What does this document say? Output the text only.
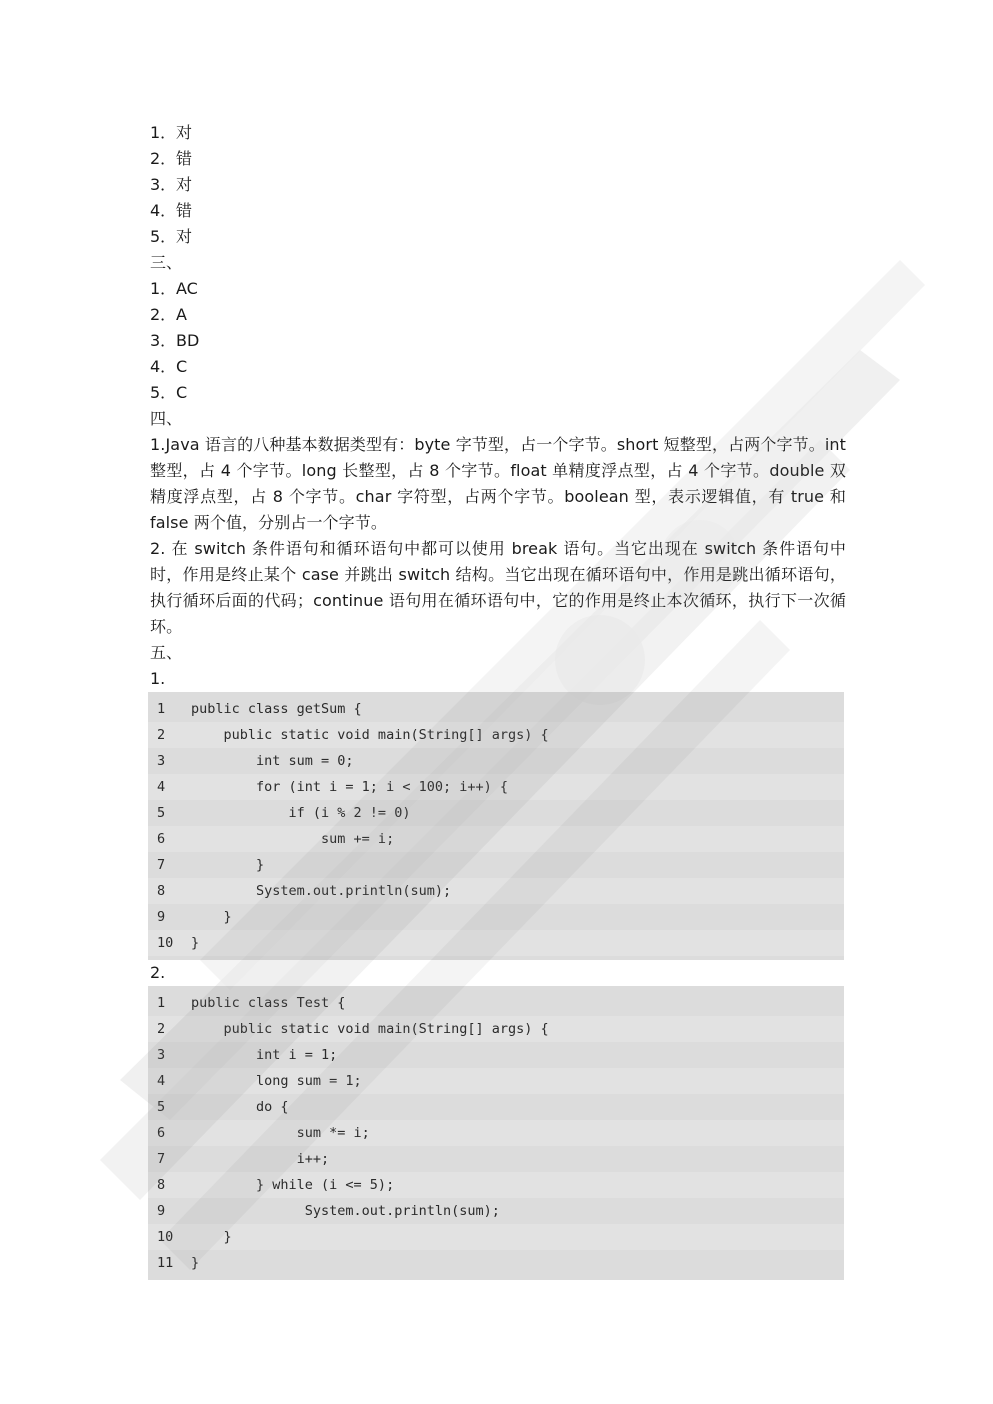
1．对
2．错
3．对
4．错
5．对
三、
1．AC
2．A
3．BD
4．C
5．C
四、
1.Java 语言的八种基本数据类型有：byte 字节型，占一个字节。short 短整型，占两个字节。int 整型，占 4 个字节。long 长整型，占 8 个字节。float 单精度浮点型，占 4 个字节。double 双精度浮点型，占 8 个字节。char 字符型，占两个字节。boolean 型，表示逻辑值，有 true 和 false 两个值，分别占一个字节。
2. 在 switch 条件语句和循环语句中都可以使用 break 语句。当它出现在 switch 条件语句中时，作用是终止某个 case 并跳出 switch 结构。当它出现在循环语句中，作用是跳出循环语句，执行循环后面的代码；continue 语句用在循环语句中，它的作用是终止本次循环，执行下一次循环。
五、
1.
1	public class getSum {
2	public static void main(String[] args) {
3	int sum = 0;
4	for (int i = 1; i < 100; i++) {
5	if (i % 2 != 0)
6	sum += i;
7	}
8	System.out.println(sum);
9	}
10	}
2.
1	public class Test {
2	public static void main(String[] args) {
3	int i = 1;
4	long sum = 1;
5	do {
6	sum *= i;
7	i++;
8	} while (i <= 5);
9	System.out.println(sum);
10	}
11	}
